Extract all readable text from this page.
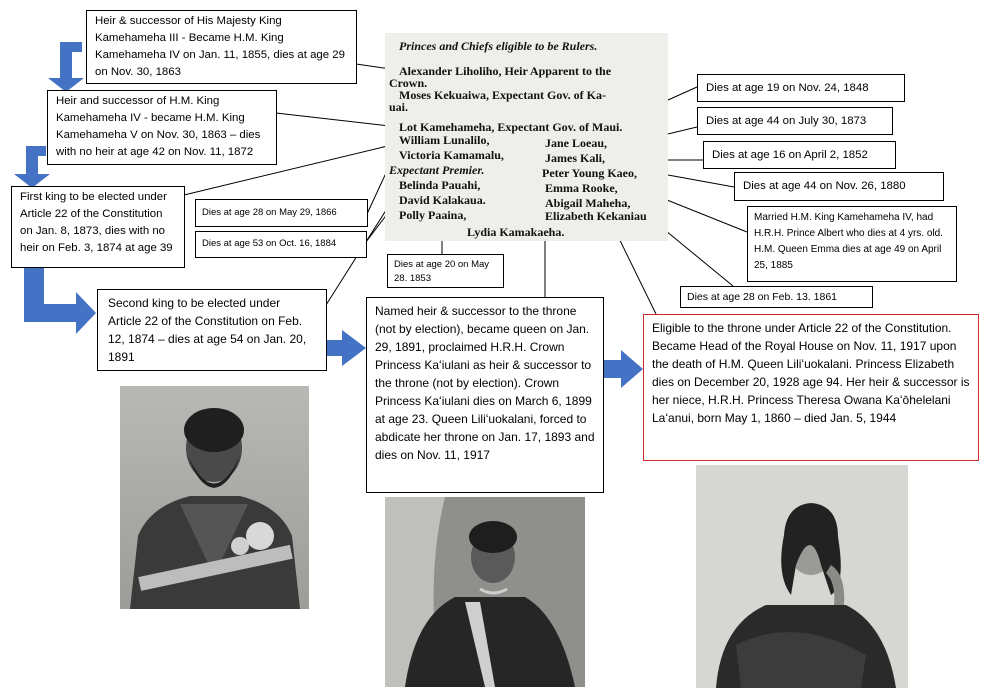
Princes and Chiefs eligible to be Rulers.
Alexander Liholiho, Heir Apparent to the
Crown.
Moses Kekuaiwa, Expectant Gov. of Ka-
uai.
Lot Kamehameha, Expectant Gov. of Maui.
William Lunalilo,	Jane Loeau,
Victoria Kamamalu,	James Kali,
Expectant Premier.	Peter Young Kaeo,
Belinda Pauahi,	Emma Rooke,
David Kalakaua.	Abigail Maheha,
Polly Paaina,	Elizabeth Kekaniau
Lydia Kamakaeha.
Heir & successor of His Majesty King Kamehameha III - Became H.M. King Kamehameha IV on Jan. 11, 1855, dies at age 29 on Nov. 30, 1863
Heir and successor of H.M. King Kamehameha IV - became H.M. King Kamehameha V on Nov. 30, 1863 – dies with no heir at age 42 on Nov. 11, 1872
First king to be elected under Article 22 of the Constitution on Jan. 8, 1873, dies with no heir on Feb. 3, 1874 at age 39
Dies at age 28 on May 29, 1866
Dies at age 53 on Oct. 16, 1884
Dies at age 20 on May 28. 1853
Second king to be elected under Article 22 of the Constitution on Feb. 12, 1874 – dies at age 54 on Jan. 20, 1891
Dies at age 19 on Nov. 24, 1848
Dies at age 44 on July 30, 1873
Dies at age 16 on April 2, 1852
Dies at age 44 on Nov. 26, 1880
Married H.M. King Kamehameha IV, had H.R.H. Prince Albert who dies at 4 yrs. old. H.M. Queen Emma dies at age 49 on April 25, 1885
Dies at age 28 on Feb. 13. 1861
Named heir & successor to the throne (not by election), became queen on Jan. 29, 1891, proclaimed H.R.H. Crown Princess Kaʻiulani as heir & successor to the throne (not by election). Crown Princess Kaʻiulani dies on March 6, 1899 at age 23. Queen Liliʻuokalani, forced to abdicate her throne on Jan. 17, 1893 and dies on Nov. 11, 1917
Eligible to the throne under Article 22 of the Constitution. Became Head of the Royal House on Nov. 11, 1917 upon the death of H.M. Queen Liliʻuokalani. Princess Elizabeth dies on December 20, 1928 age 94. Her heir & successor is her niece, H.R.H. Princess Theresa Owana Kaʻōhelelani Laʻanui, born May 1, 1860 – died Jan. 5, 1944
